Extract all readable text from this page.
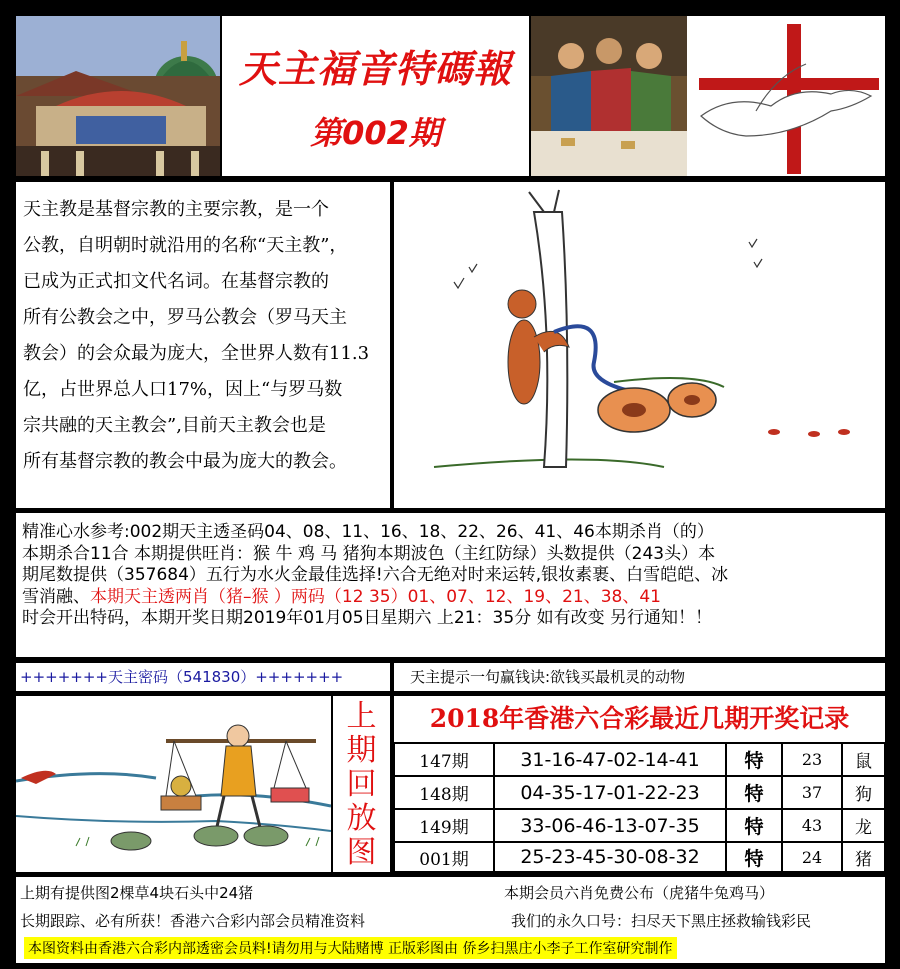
天主福音特碼報
第002期
天主教是基督宗教的主要宗教，是一个
公教，自明朝时就沿用的名称“天主教”，
已成为正式扣文代名词。在基督宗教的
所有公教会之中，罗马公教会（罗马天主
教会）的会众最为庞大，全世界人数有11.3
亿，占世界总人口17%，因上“与罗马数
宗共融的天主教会”,目前天主教会也是
所有基督宗教的教会中最为庞大的教会。
精准心水参考:002期天主透圣码04、08、11、16、18、22、26、41、46本期杀肖（的）
本期杀合11合 本期提供旺肖：猴 牛 鸡 马 猪狗本期波色（主红防绿）头数提供（243头）本
期尾数提供（357684）五行为水火金最佳选择!六合无绝对时来运转,银妆素裹、白雪皑皑、冰
雪消融、本期天主透两肖（猪–猴 ）两码（12 35）01、07、12、19、21、38、41
时会开出特码，本期开奖日期2019年01月05日星期六 上21：35分 如有改变 另行通知！！
+++++++天主密码（541830）+++++++	天主提示一句赢钱诀:欲钱买最机灵的动物
上
期
回
放
图
2018年香港六合彩最近几期开奖记录
147期	31-16-47-02-14-41	特	23	鼠
148期	04-35-17-01-22-23	特	37	狗
149期	33-06-46-13-07-35	特	43	龙
001期	25-23-45-30-08-32	特	24	猪
上期有提供图2棵草4块石头中24猪	本期会员六肖免费公布（虎猪牛兔鸡马）
长期跟踪、必有所获！香港六合彩内部会员精准资料	我们的永久口号：扫尽天下黑庄拯救输钱彩民
本图资料由香港六合彩内部透密会员料!请勿用与大陆赌博 正版彩图由 侨乡扫黑庄小李子工作室研究制作
